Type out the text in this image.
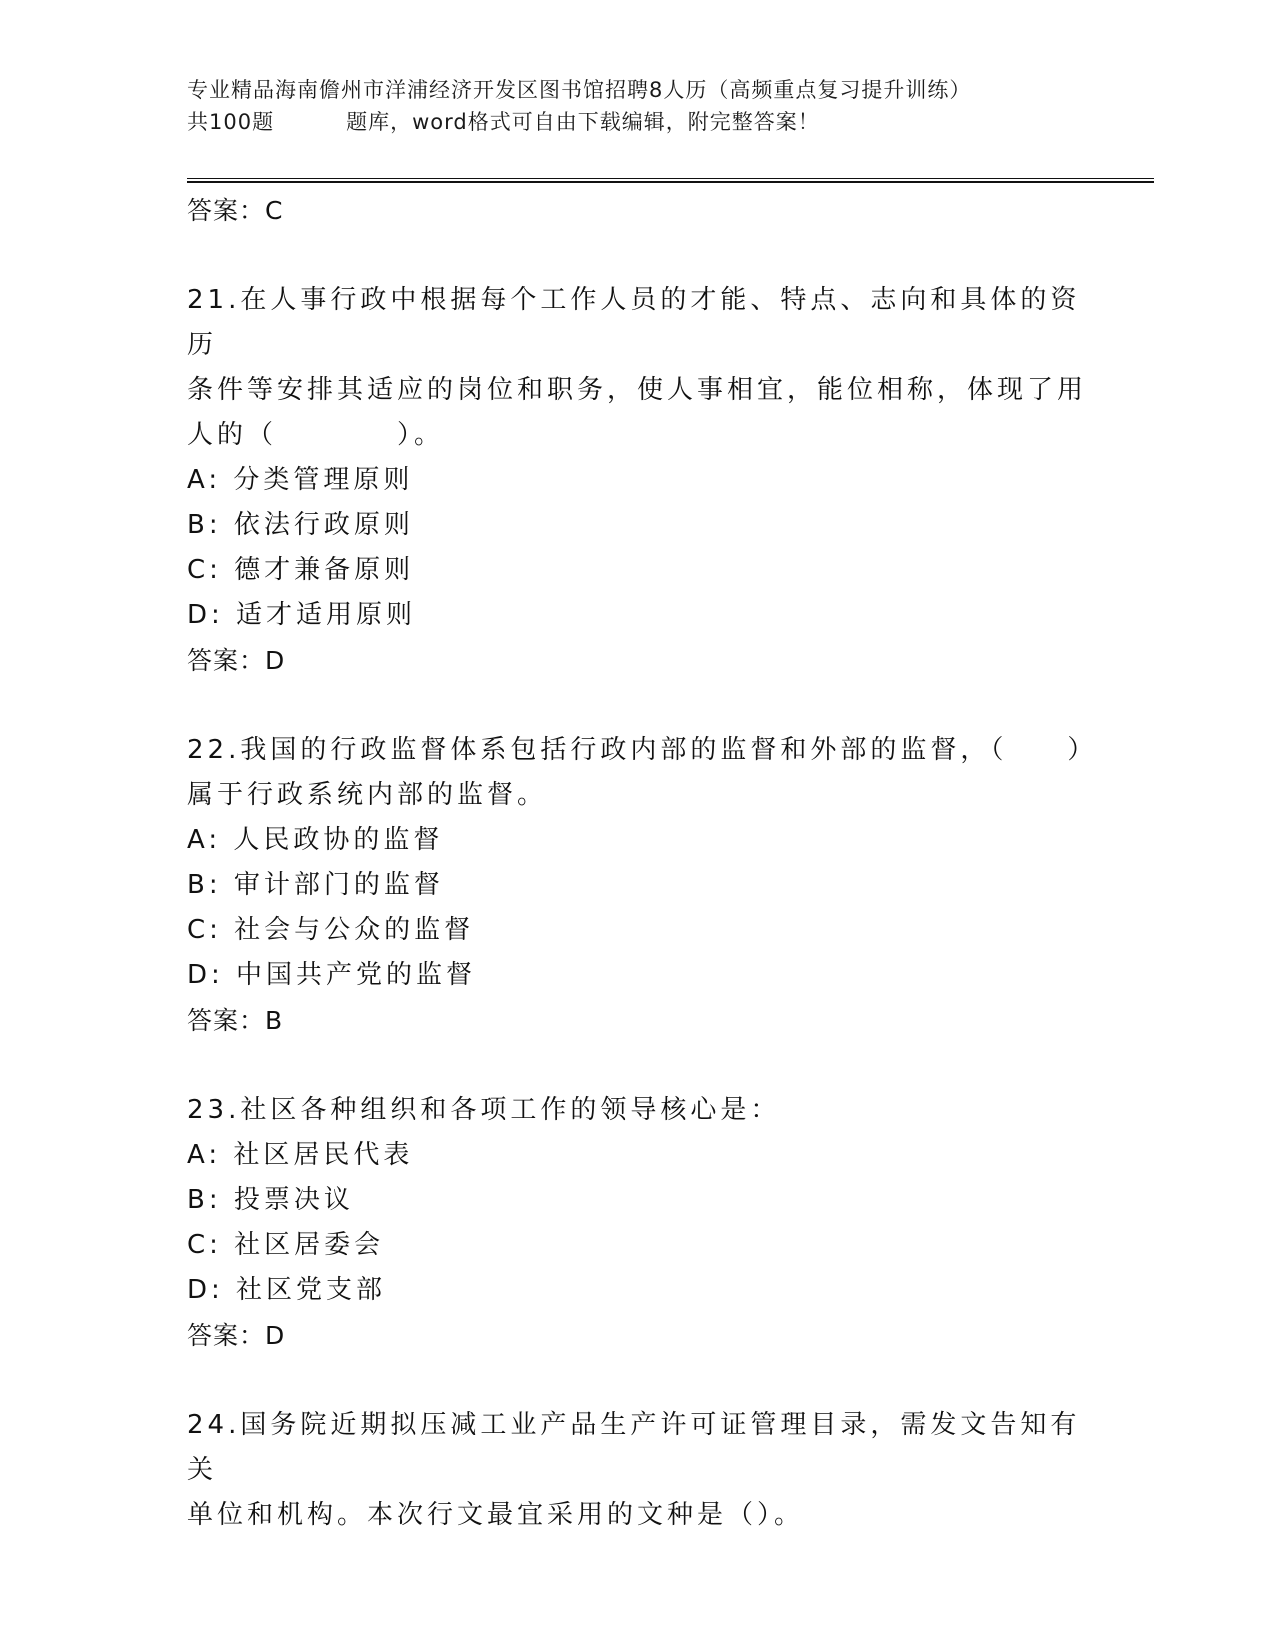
专业精品海南儋州市洋浦经济开发区图书馆招聘8人历（高频重点复习提升训练）
共100题	题库，word格式可自由下载编辑，附完整答案！
答案：C
21.在人事行政中根据每个工作人员的才能、特点、志向和具体的资历
条件等安排其适应的岗位和职务，使人事相宜，能位相称，体现了用
人的（　　　　）。
A: 分类管理原则
B: 依法行政原则
C: 德才兼备原则
D: 适才适用原则
答案：D
22.我国的行政监督体系包括行政内部的监督和外部的监督，（　　）
属于行政系统内部的监督。
A: 人民政协的监督
B: 审计部门的监督
C: 社会与公众的监督
D: 中国共产党的监督
答案：B
23.社区各种组织和各项工作的领导核心是：
A: 社区居民代表
B: 投票决议
C: 社区居委会
D: 社区党支部
答案：D
24.国务院近期拟压减工业产品生产许可证管理目录，需发文告知有关
单位和机构。本次行文最宜采用的文种是（）。
